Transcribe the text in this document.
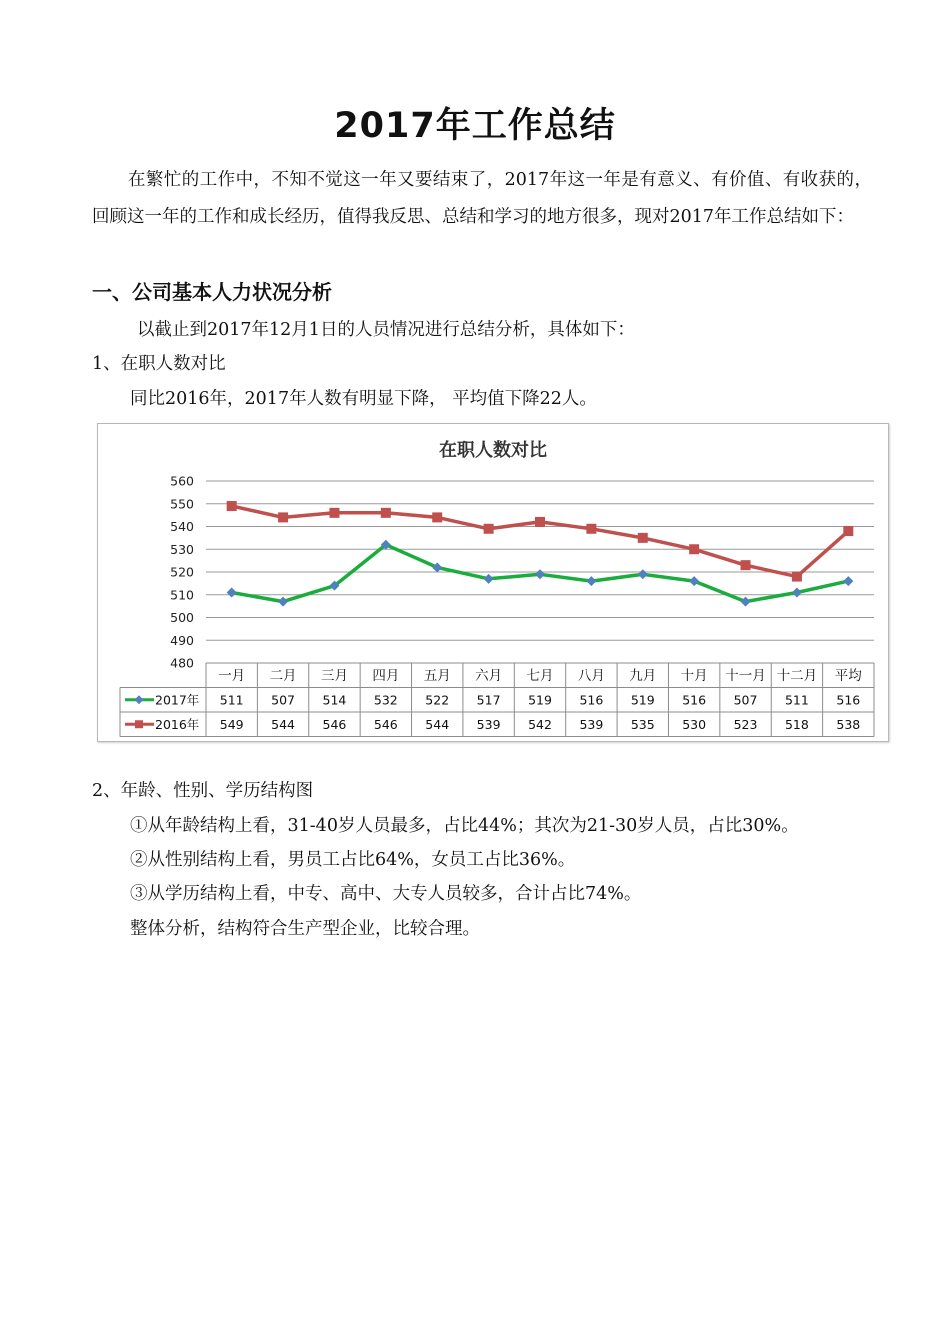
2017年工作总结

在繁忙的工作中，不知不觉这一年又要结束了，2017年这一年是有意义、有价值、有收获的，回顾这一年的工作和成长经历，值得我反思、总结和学习的地方很多，现对2017年工作总结如下：

一、公司基本人力状况分析

以截止到2017年12月1日的人员情况进行总结分析，具体如下：

1、在职人数对比

同比2016年，2017年人数有明显下降， 平均值下降22人。

在职人数对比
480
490
500
510
520
530
540
550
560
一月 二月 三月 四月 五月 六月 七月 八月 九月 十月 十一月 十二月 平均
2017年 511 507 514 532 522 517 519 516 519 516 507 511 516
2016年 549 544 546 546 544 539 542 539 535 530 523 518 538

2、年龄、性别、学历结构图

①从年龄结构上看，31-40岁人员最多，占比44%；其次为21-30岁人员，占比30%。

②从性别结构上看，男员工占比64%，女员工占比36%。

③从学历结构上看，中专、高中、大专人员较多，合计占比74%。

整体分析，结构符合生产型企业，比较合理。
